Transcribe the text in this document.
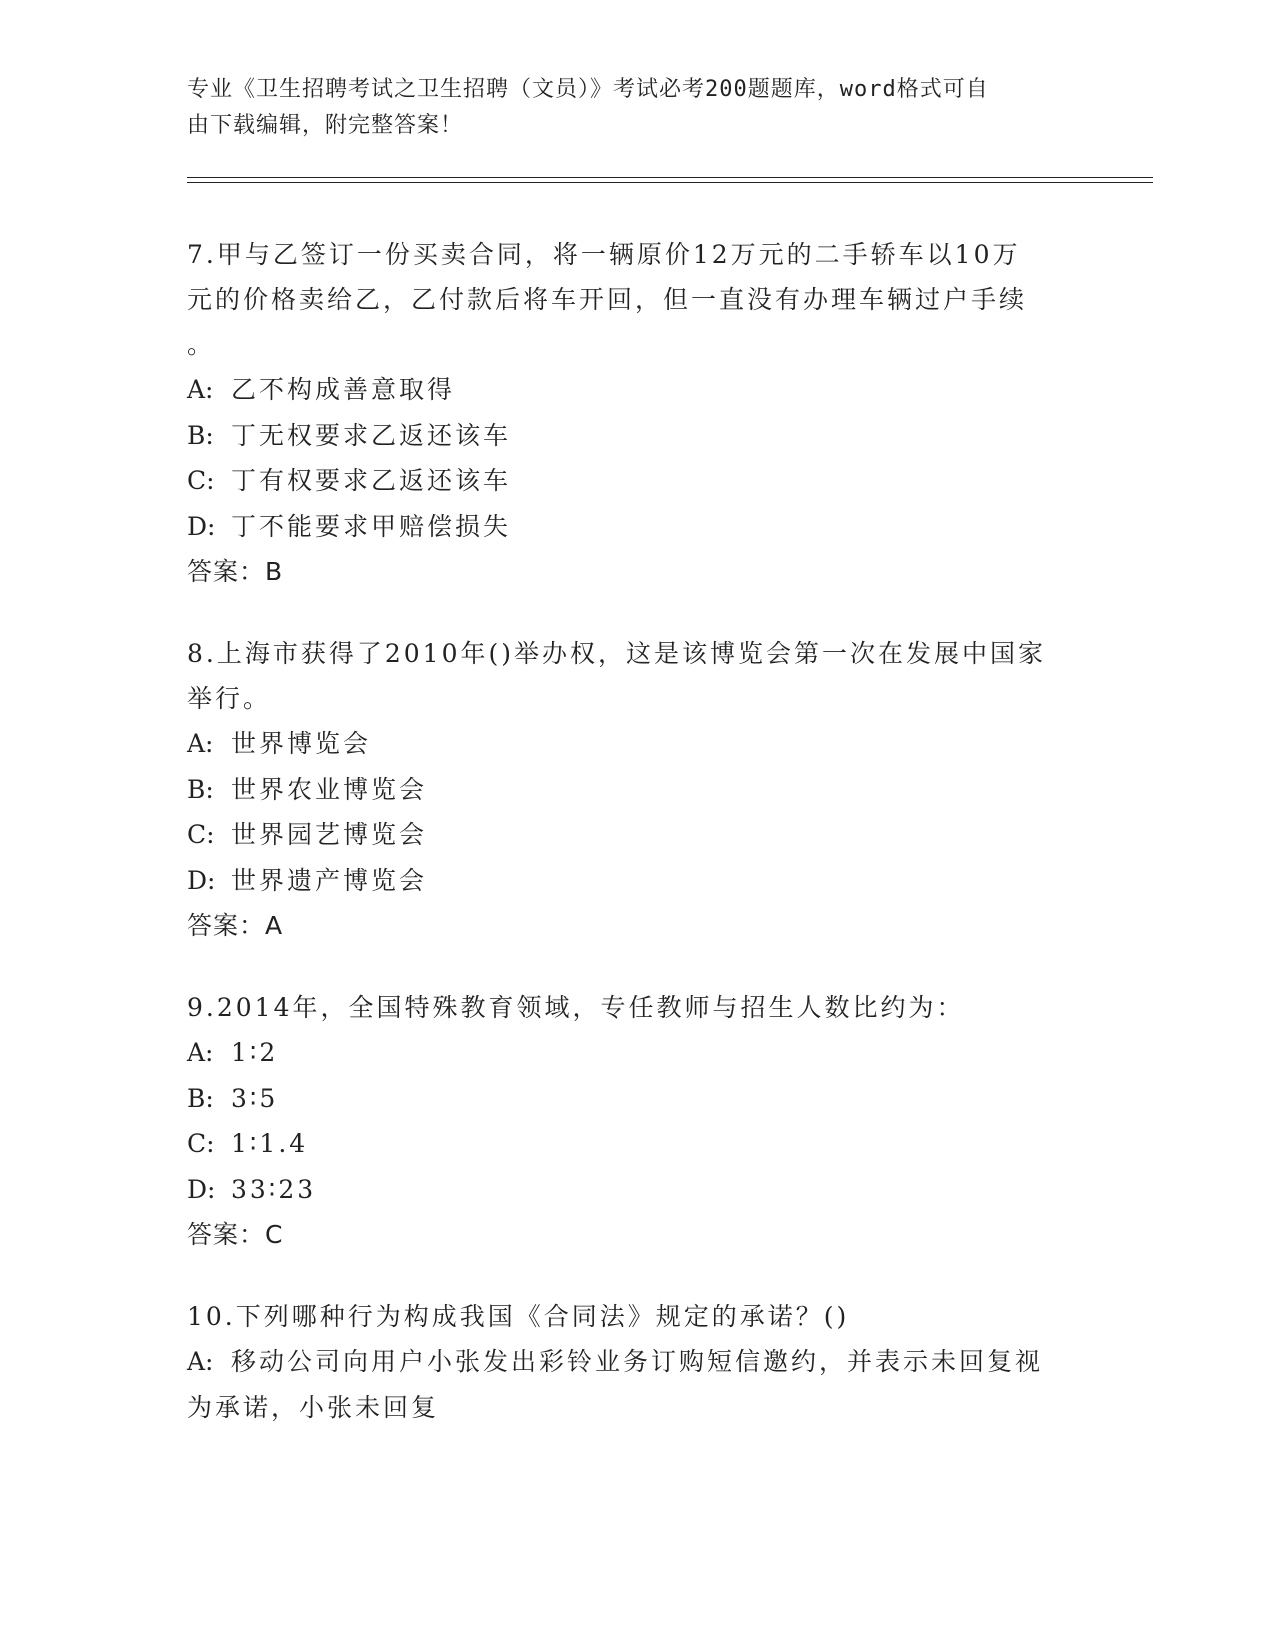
专业《卫生招聘考试之卫生招聘（文员）》考试必考200题题库，word格式可自
由下载编辑，附完整答案！

7.甲与乙签订一份买卖合同，将一辆原价12万元的二手轿车以10万

元的价格卖给乙，乙付款后将车开回，但一直没有办理车辆过户手续

。

A: 乙不构成善意取得
B: 丁无权要求乙返还该车
C: 丁有权要求乙返还该车
D: 丁不能要求甲赔偿损失

答案：B

8.上海市获得了2010年()举办权，这是该博览会第一次在发展中国家

举行。

A: 世界博览会
B: 世界农业博览会
C: 世界园艺博览会
D: 世界遗产博览会

答案：A

9.2014年，全国特殊教育领域，专任教师与招生人数比约为：

A: 1∶2
B: 3∶5
C: 1∶1.4
D: 33∶23

答案：C

10.下列哪种行为构成我国《合同法》规定的承诺？()

A: 移动公司向用户小张发出彩铃业务订购短信邀约，并表示未回复视
为承诺，小张未回复
